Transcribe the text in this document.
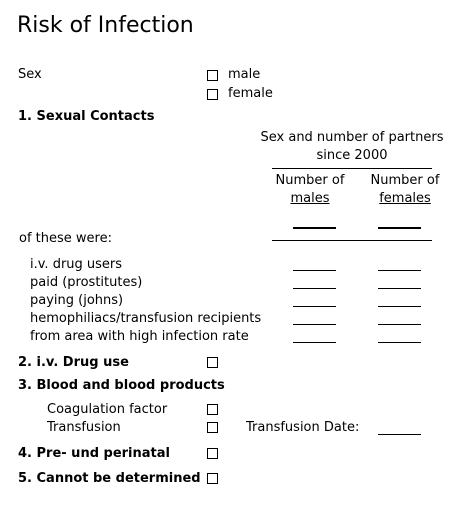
Risk of Infection
Sex	male
female
1. Sexual Contacts
Sex and number of partners
since 2000
Number of
males
Number of
females
of these were:
i.v. drug users
paid (prostitutes)
paying (johns)
hemophiliacs/transfusion recipients
from area with high infection rate
2. i.v. Drug use
3. Blood and blood products
Coagulation factor
Transfusion	Transfusion Date:
4. Pre- und perinatal
5. Cannot be determined
